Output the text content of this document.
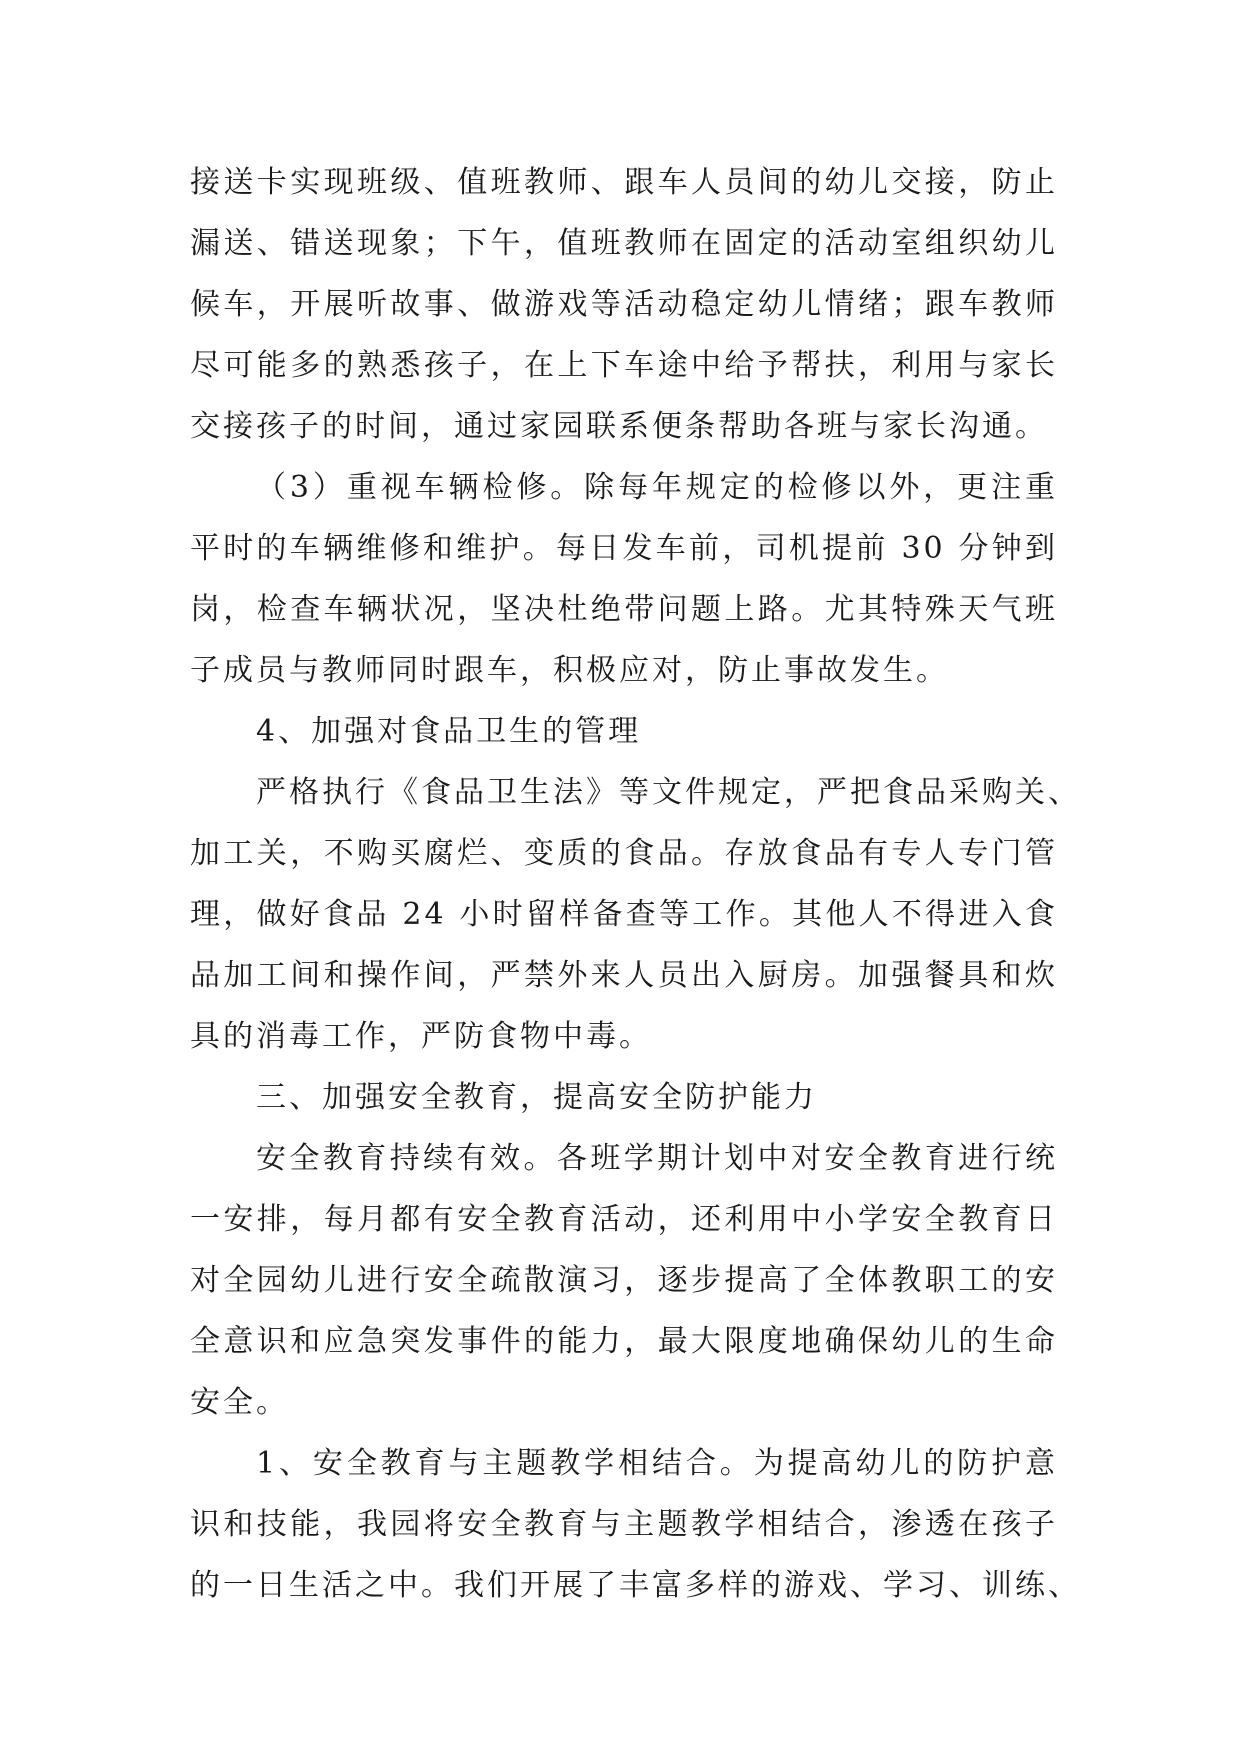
接送卡实现班级、值班教师、跟车人员间的幼儿交接，防止
漏送、错送现象；下午，值班教师在固定的活动室组织幼儿
候车，开展听故事、做游戏等活动稳定幼儿情绪；跟车教师
尽可能多的熟悉孩子，在上下车途中给予帮扶，利用与家长
交接孩子的时间，通过家园联系便条帮助各班与家长沟通。

（3）重视车辆检修。除每年规定的检修以外，更注重
平时的车辆维修和维护。每日发车前，司机提前 30 分钟到
岗，检查车辆状况，坚决杜绝带问题上路。尤其特殊天气班
子成员与教师同时跟车，积极应对，防止事故发生。

4、加强对食品卫生的管理

严格执行《食品卫生法》等文件规定，严把食品采购关、
加工关，不购买腐烂、变质的食品。存放食品有专人专门管
理，做好食品 24 小时留样备查等工作。其他人不得进入食
品加工间和操作间，严禁外来人员出入厨房。加强餐具和炊
具的消毒工作，严防食物中毒。

三、加强安全教育，提高安全防护能力

安全教育持续有效。各班学期计划中对安全教育进行统
一安排，每月都有安全教育活动，还利用中小学安全教育日
对全园幼儿进行安全疏散演习，逐步提高了全体教职工的安
全意识和应急突发事件的能力，最大限度地确保幼儿的生命
安全。

1、安全教育与主题教学相结合。为提高幼儿的防护意
识和技能，我园将安全教育与主题教学相结合，渗透在孩子
的一日生活之中。我们开展了丰富多样的游戏、学习、训练、
